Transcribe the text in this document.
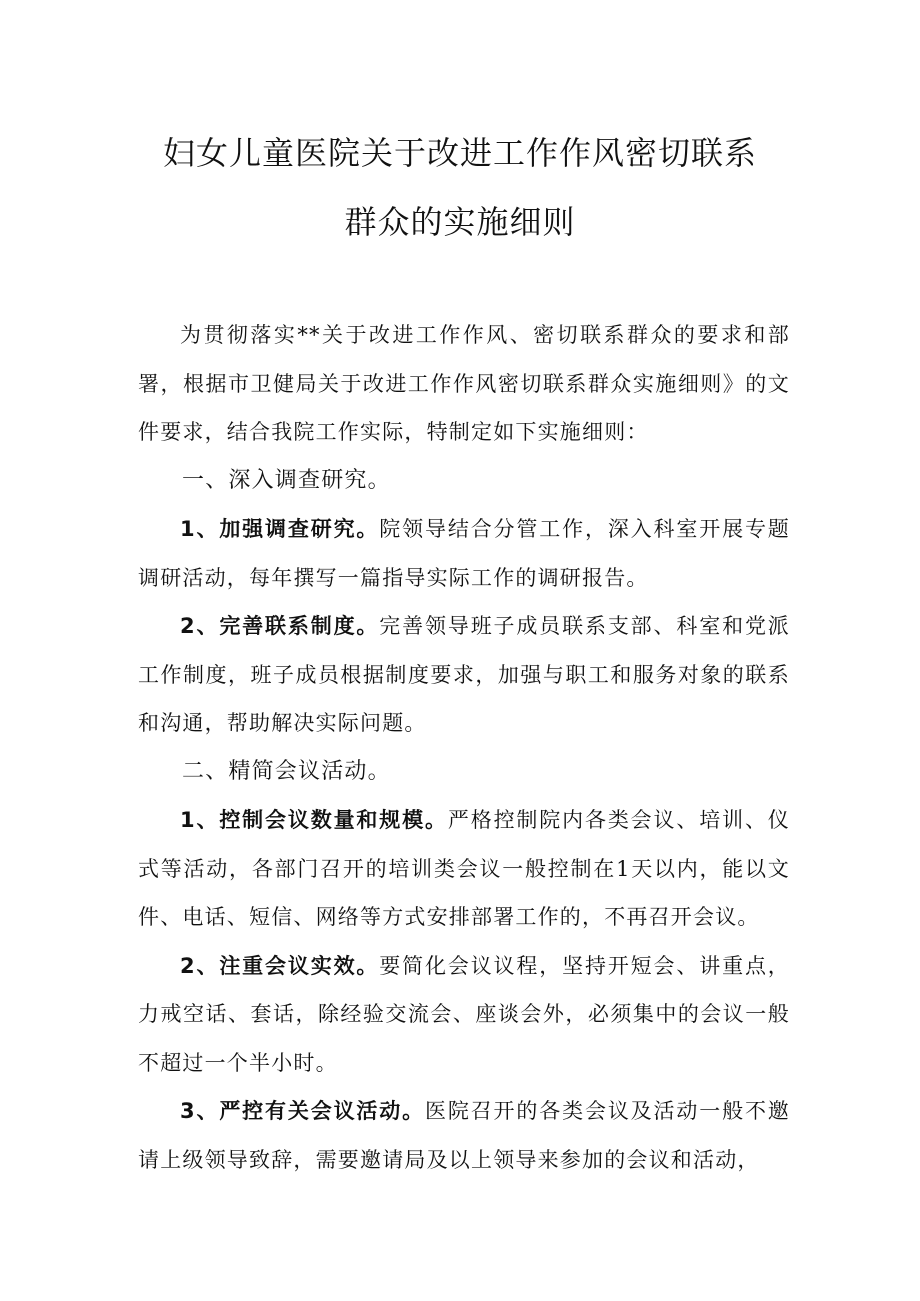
妇女儿童医院关于改进工作作风密切联系
群众的实施细则

为贯彻落实**关于改进工作作风、密切联系群众的要求和部署，根据市卫健局关于改进工作作风密切联系群众实施细则》的文件要求，结合我院工作实际，特制定如下实施细则：

一、深入调查研究。

1、加强调查研究。院领导结合分管工作，深入科室开展专题调研活动，每年撰写一篇指导实际工作的调研报告。

2、完善联系制度。完善领导班子成员联系支部、科室和党派工作制度，班子成员根据制度要求，加强与职工和服务对象的联系和沟通，帮助解决实际问题。

二、精简会议活动。

1、控制会议数量和规模。严格控制院内各类会议、培训、仪式等活动，各部门召开的培训类会议一般控制在1天以内，能以文件、电话、短信、网络等方式安排部署工作的，不再召开会议。

2、注重会议实效。要简化会议议程，坚持开短会、讲重点，力戒空话、套话，除经验交流会、座谈会外，必须集中的会议一般不超过一个半小时。

3、严控有关会议活动。医院召开的各类会议及活动一般不邀请上级领导致辞，需要邀请局及以上领导来参加的会议和活动，
